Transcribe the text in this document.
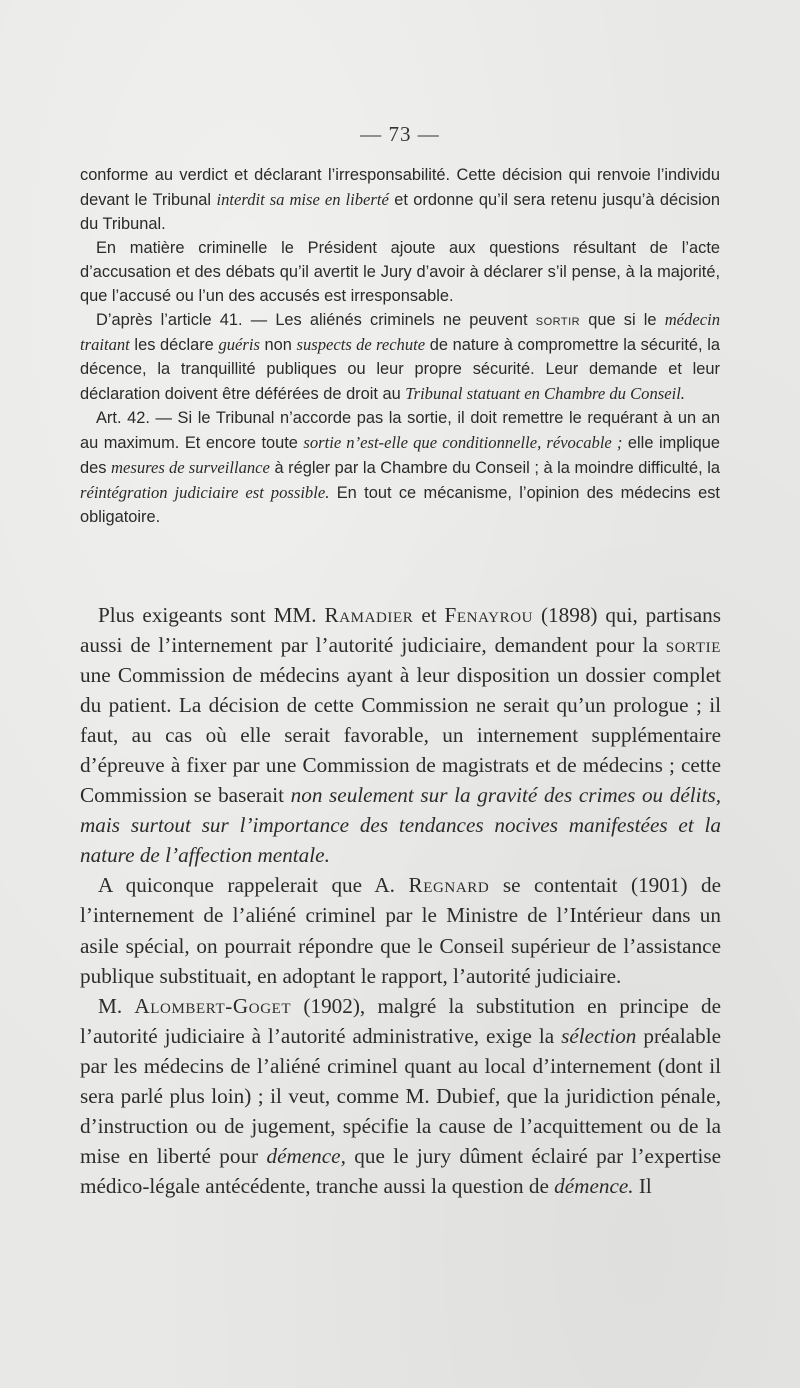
— 73 —

conforme au verdict et déclarant l’irresponsabilité. Cette décision qui renvoie l’individu devant le Tribunal interdit sa mise en liberté et ordonne qu’il sera retenu jusqu’à décision du Tribunal.

En matière criminelle le Président ajoute aux questions résultant de l’acte d’accusation et des débats qu’il avertit le Jury d’avoir à déclarer s’il pense, à la majorité, que l’accusé ou l’un des accusés est irresponsable.

D’après l’article 41. — Les aliénés criminels ne peuvent sortir que si le médecin traitant les déclare guéris non suspects de rechute de nature à compromettre la sécurité, la décence, la tranquillité publiques ou leur propre sécurité. Leur demande et leur déclaration doivent être déférées de droit au Tribunal statuant en Chambre du Conseil.

Art. 42. — Si le Tribunal n’accorde pas la sortie, il doit remettre le requérant à un an au maximum. Et encore toute sortie n’est-elle que conditionnelle, révocable ; elle implique des mesures de surveillance à régler par la Chambre du Conseil ; à la moindre difficulté, la réintégration judiciaire est possible. En tout ce mécanisme, l’opinion des médecins est obligatoire.

Plus exigeants sont MM. Ramadier et Fenayrou (1898) qui, partisans aussi de l’internement par l’autorité judiciaire, demandent pour la sortie une Commission de médecins ayant à leur disposition un dossier complet du patient. La décision de cette Commission ne serait qu’un prologue ; il faut, au cas où elle serait favorable, un internement supplémentaire d’épreuve à fixer par une Commission de magistrats et de médecins ; cette Commission se baserait non seulement sur la gravité des crimes ou délits, mais surtout sur l’importance des tendances nocives manifestées et la nature de l’affection mentale.

A quiconque rappelerait que A. Regnard se contentait (1901) de l’internement de l’aliéné criminel par le Ministre de l’Intérieur dans un asile spécial, on pourrait répondre que le Conseil supérieur de l’assistance publique substituait, en adoptant le rapport, l’autorité judiciaire.

M. Alombert-Goget (1902), malgré la substitution en principe de l’autorité judiciaire à l’autorité administrative, exige la sélection préalable par les médecins de l’aliéné criminel quant au local d’internement (dont il sera parlé plus loin) ; il veut, comme M. Dubief, que la juridiction pénale, d’instruction ou de jugement, spécifie la cause de l’acquittement ou de la mise en liberté pour démence, que le jury dûment éclairé par l’expertise médico-légale antécédente, tranche aussi la question de démence. Il
